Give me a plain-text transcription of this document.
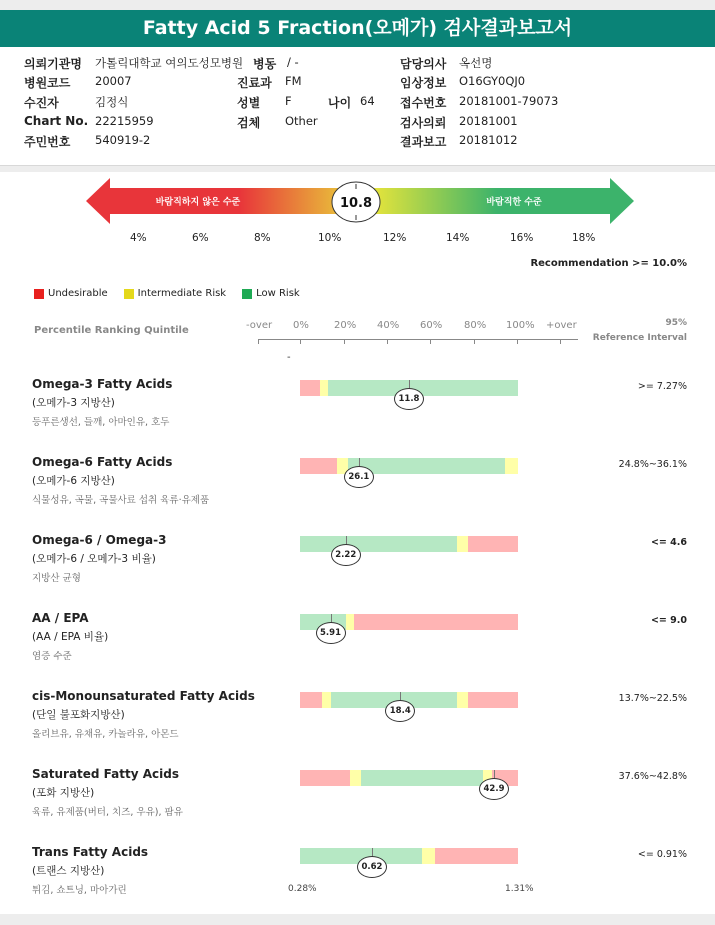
Fatty Acid 5 Fraction(오메가) 검사결과보고서
의뢰기관명 가톨릭대학교 여의도성모병원 병동 / -	담당의사 옥선명
병원코드 20007	진료과 FM	임상정보 O16GY0QJ0
수진자	김정식	성별 F	나이 64 접수번호 20181001-79073
Chart No. 22215959	검체 Other	검사의뢰 20181001
주민번호 540919-2	결과보고 20181012
바람직하지 않은 수준	바람직한 수준
10.8
4%	6%	8%	10%	12%	14%	16%	18%
Recommendation >= 10.0%
Undesirable	Intermediate Risk	Low Risk
Percentile Ranking Quintile	-over 0%	20% 40% 60% 80% 100% +over	95%
Reference Interval
-
Omega-3 Fatty Acids
(오메가-3 지방산)
등푸른생선, 들깨, 아마인유, 호두
>= 7.27%
11.8
Omega-6 Fatty Acids
(오메가-6 지방산)
식물성유, 곡물, 곡물사료 섭취 육류·유제품
24.8%~36.1%
26.1
Omega-6 / Omega-3
(오메가-6 / 오메가-3 비율)
지방산 균형
<= 4.6
2.22
AA / EPA
(AA / EPA 비율)
염증 수준
<= 9.0
5.91
cis-Monounsaturated Fatty Acids
(단일 불포화지방산)
올리브유, 유채유, 카놀라유, 아몬드
13.7%~22.5%
18.4
Saturated Fatty Acids
(포화 지방산)
육류, 유제품(버터, 치즈, 우유), 팜유
37.6%~42.8%
42.9
Trans Fatty Acids
(트랜스 지방산)
튀김, 쇼트닝, 마아가린
<= 0.91%
0.62
0.28%	1.31%
